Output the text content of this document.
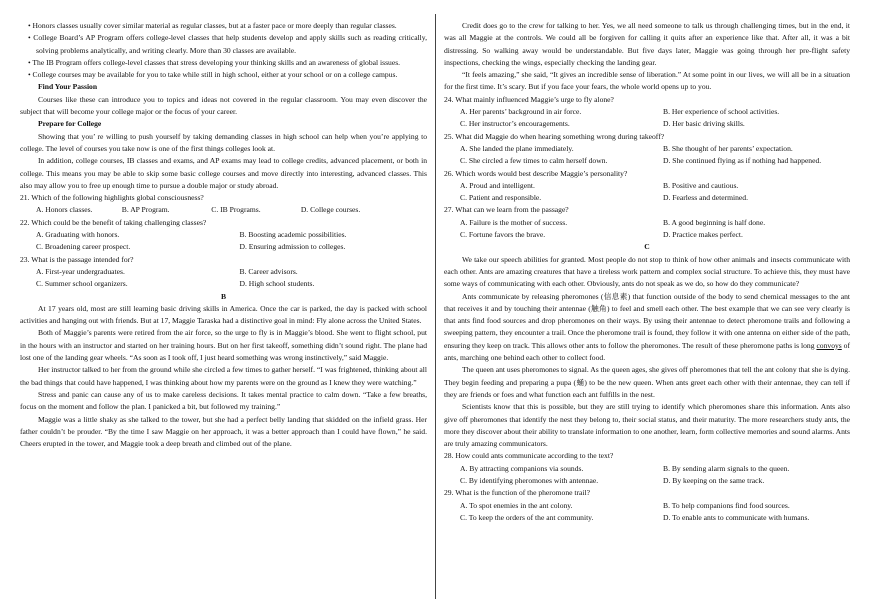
• Honors classes usually cover similar material as regular classes, but at a faster pace or more deeply than regular classes.

• College Board’s AP Program offers college-level classes that help students develop and apply skills such as reading critically, solving problems analytically, and writing clearly. More than 30 classes are available.

• The IB Program offers college-level classes that stress developing your thinking skills and an awareness of global issues.

• College courses may be available for you to take while still in high school, either at your school or on a college campus.

Find Your Passion

Courses like these can introduce you to topics and ideas not covered in the regular classroom. You may even discover the subject that will become your college major or the focus of your career.

Prepare for College

Showing that you’ re willing to push yourself by taking demanding classes in high school can help when you’re applying to college. The level of courses you take now is one of the first things colleges look at.

In addition, college courses, IB classes and exams, and AP exams may lead to college credits, advanced placement, or both in college. This means you may be able to skip some basic college courses and move directly into interesting, advanced classes. This also may allow you to free up enough time to pursue a double major or study abroad.

21. Which of the following highlights global consciousness?

A. Honors classes.	B. AP Program.	C. IB Programs.	D. College courses.

22. Which could be the benefit of taking challenging classes?

A. Graduating with honors.	B. Boosting academic possibilities.
C. Broadening career prospect.	D. Ensuring admission to colleges.

23. What is the passage intended for?

A. First-year undergraduates.	B. Career advisors.
C. Summer school organizers.	D. High school students.

B

At 17 years old, most are still learning basic driving skills in America. Once the car is parked, the day is packed with school activities and hanging out with friends. But at 17, Maggie Taraska had a distinctive goal in mind: Fly alone across the United States.

Both of Maggie’s parents were retired from the air force, so the urge to fly is in Maggie’s blood. She went to flight school, put in the hours with an instructor and started on her training hours. But on her first takeoff, something didn’t sound right. The plane had lost one of the landing gear wheels. “As soon as I took off, I just heard something was wrong instinctively,” said Maggie.

Her instructor talked to her from the ground while she circled a few times to gather herself. “I was frightened, thinking about all the bad things that could have happened, I was thinking about how my parents were on the ground as I knew they were watching.”

Stress and panic can cause any of us to make careless decisions. It takes mental practice to calm down. “Take a few breaths, focus on the moment and follow the plan. I panicked a bit, but followed my training.”

Maggie was a little shaky as she talked to the tower, but she had a perfect belly landing that skidded on the infield grass. Her father couldn’t be prouder. “By the time I saw Maggie on her approach, it was a better approach than I could have flown,” he said. Cheers erupted in the tower, and Maggie took a deep breath and climbed out of the plane.

Credit does go to the crew for talking to her. Yes, we all need someone to talk us through challenging times, but in the end, it was all Maggie at the controls. We could all be forgiven for calling it quits after an experience like that. After all, it was a bit distressing. So walking away would be understandable. But five days later, Maggie was going through her pre-flight safety inspections, checking the wings, especially checking the landing gear.

“It feels amazing,” she said, “It gives an incredible sense of liberation.” At some point in our lives, we will all be in a situation for the first time. It’s scary. But if you face your fears, the whole world opens up to you.

24. What mainly influenced Maggie’s urge to fly alone?

A. Her parents’ background in air force.	B. Her experience of school activities.
C. Her instructor’s encouragements.	D. Her basic driving skills.

25. What did Maggie do when hearing something wrong during takeoff?

A. She landed the plane immediately.	B. She thought of her parents’ expectation.
C. She circled a few times to calm herself down.	D. She continued flying as if nothing had happened.

26. Which words would best describe Maggie’s personality?

A. Proud and intelligent.	B. Positive and cautious.
C. Patient and responsible.	D. Fearless and determined.

27. What can we learn from the passage?

A. Failure is the mother of success.	B. A good beginning is half done.
C. Fortune favors the brave.	D. Practice makes perfect.

C

We take our speech abilities for granted. Most people do not stop to think of how other animals and insects communicate with each other. Ants are amazing creatures that have a tireless work pattern and complex social structure. To achieve this, they must have some ways of communicating with each other. Obviously, ants do not speak as we do, so how do they communicate?

Ants communicate by releasing pheromones (信息素) that function outside of the body to send chemical messages to the ant that receives it and by touching their antennae (触角) to feel and smell each other. The best example that we can see very clearly is that ants find food sources and drop pheromones on their ways. By using their antennae to detect pheromone trails and following a sweeping pattern, they encounter a trail. Once the pheromone trail is found, they follow it with one antenna on either side of the path, ensuring they keep on track. This allows other ants to follow the pheromones. The result of these pheromone paths is long convoys of ants, marching one behind each other to collect food.

The queen ant uses pheromones to signal. As the queen ages, she gives off pheromones that tell the ant colony that she is dying. They begin feeding and preparing a pupa (蛹) to be the new queen. When ants greet each other with their antennae, they can tell if they are friends or foes and what function each ant fulfills in the nest.

Scientists know that this is possible, but they are still trying to identify which pheromones share this information. Ants also give off pheromones that identify the nest they belong to, their social status, and their maturity. The more researchers study ants, the more they discover about their ability to translate information to one another, learn, form collective memories and sound alarms. Ants are truly amazing communicators.

28. How could ants communicate according to the text?

A. By attracting companions via sounds.	B. By sending alarm signals to the queen.
C. By identifying pheromones with antennae.	D. By keeping on the same track.

29. What is the function of the pheromone trail?

A. To spot enemies in the ant colony.	B. To help companions find food sources.
C. To keep the orders of the ant community.	D. To enable ants to communicate with humans.
